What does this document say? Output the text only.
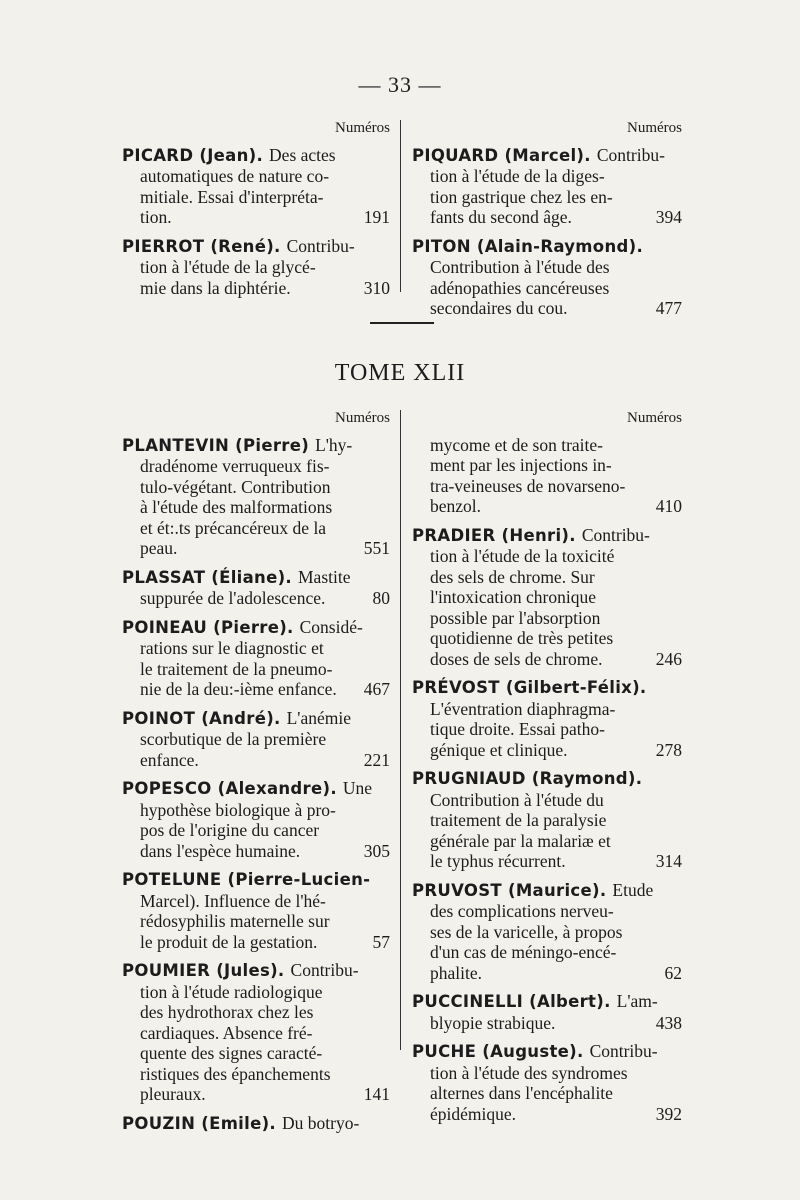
— 33 —
Numéros
PICARD (Jean). Des actes
automatiques de nature co-
mitiale. Essai d'interpréta-
191
tion.
PIERROT (René). Contribu-
tion à l'étude de la glycé-
310
mie dans la diphtérie.
Numéros
PIQUARD (Marcel). Contribu-
tion à l'étude de la diges-
tion gastrique chez les en-
394
fants du second âge.
PITON (Alain-Raymond).
Contribution à l'étude des
adénopathies cancéreuses
477
secondaires du cou.
TOME XLII
Numéros
PLANTEVIN (Pierre) L'hy-
dradénome verruqueux fis-
tulo-végétant. Contribution
à l'étude des malformations
et ét:.ts précancéreux de la
551
peau.
PLASSAT (Éliane). Mastite
80
suppurée de l'adolescence.
POINEAU (Pierre). Considé-
rations sur le diagnostic et
le traitement de la pneumo-
467
nie de la deu:-ième enfance.
POINOT (André). L'anémie
scorbutique de la première
221
enfance.
POPESCO (Alexandre). Une
hypothèse biologique à pro-
pos de l'origine du cancer
305
dans l'espèce humaine.
POTELUNE (Pierre-Lucien-
Marcel). Influence de l'hé-
rédosyphilis maternelle sur
57
le produit de la gestation.
POUMIER (Jules). Contribu-
tion à l'étude radiologique
des hydrothorax chez les
cardiaques. Absence fré-
quente des signes caracté-
ristiques des épanchements
141
pleuraux.
POUZIN (Emile). Du botryo-
Numéros
mycome et de son traite-
ment par les injections in-
tra-veineuses de novarseno-
410
benzol.
PRADIER (Henri). Contribu-
tion à l'étude de la toxicité
des sels de chrome. Sur
l'intoxication chronique
possible par l'absorption
quotidienne de très petites
246
doses de sels de chrome.
PRÉVOST (Gilbert-Félix).
L'éventration diaphragma-
tique droite. Essai patho-
278
génique et clinique.
PRUGNIAUD (Raymond).
Contribution à l'étude du
traitement de la paralysie
générale par la malariæ et
314
le typhus récurrent.
PRUVOST (Maurice). Etude
des complications nerveu-
ses de la varicelle, à propos
d'un cas de méningo-encé-
62
phalite.
PUCCINELLI (Albert). L'am-
438
blyopie strabique.
PUCHE (Auguste). Contribu-
tion à l'étude des syndromes
alternes dans l'encéphalite
392
épidémique.
